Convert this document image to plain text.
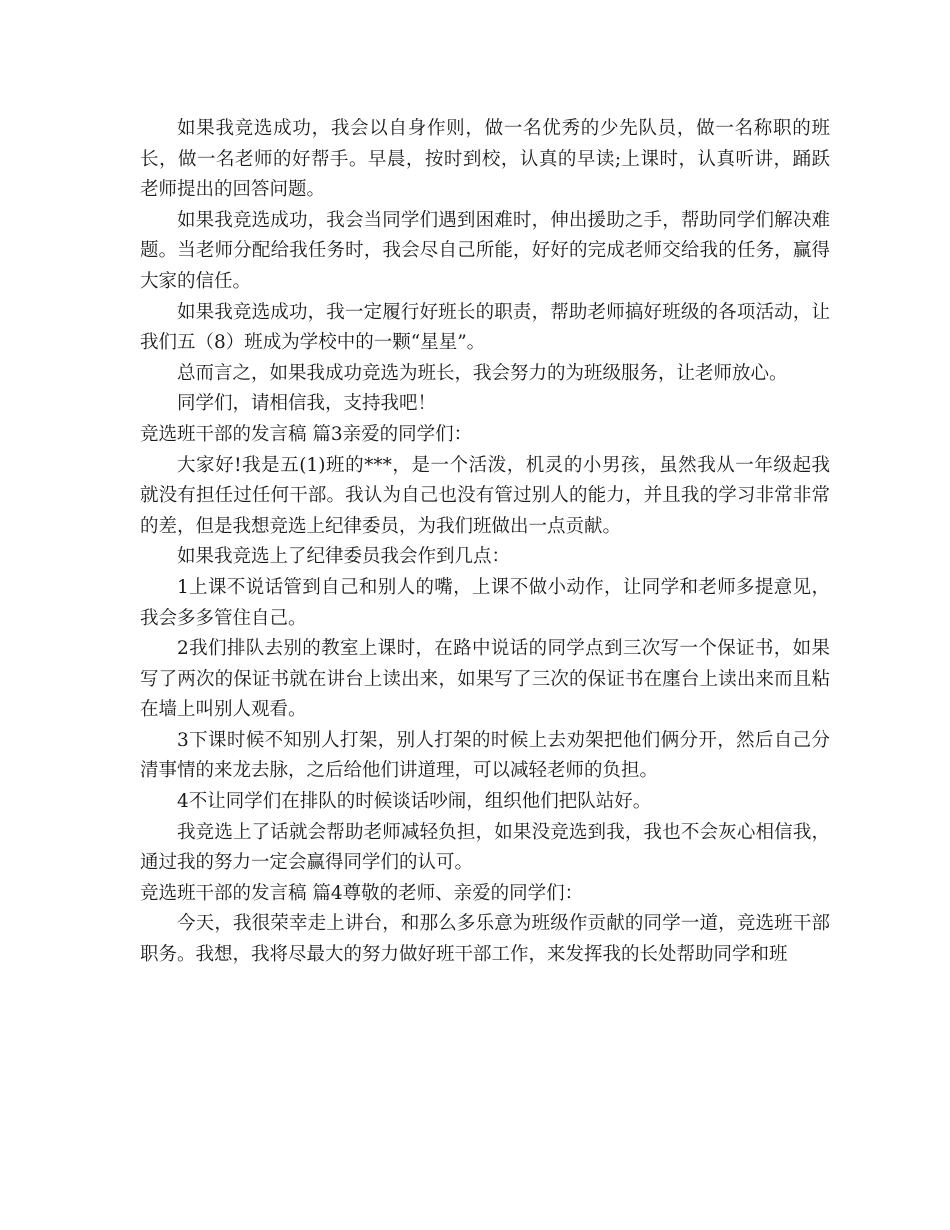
如果我竞选成功，我会以自身作则，做一名优秀的少先队员，做一名称职的班长，做一名老师的好帮手。早晨，按时到校，认真的早读;上课时，认真听讲，踊跃老师提出的回答问题。

如果我竞选成功，我会当同学们遇到困难时，伸出援助之手，帮助同学们解决难题。当老师分配给我任务时，我会尽自己所能，好好的完成老师交给我的任务，赢得大家的信任。

如果我竞选成功，我一定履行好班长的职责，帮助老师搞好班级的各项活动，让我们五（8）班成为学校中的一颗“星星”。

总而言之，如果我成功竞选为班长，我会努力的为班级服务，让老师放心。

同学们，请相信我，支持我吧！

竞选班干部的发言稿 篇3亲爱的同学们：

大家好!我是五(1)班的***，是一个活泼，机灵的小男孩，虽然我从一年级起我就没有担任过任何干部。我认为自己也没有管过别人的能力，并且我的学习非常非常的差，但是我想竞选上纪律委员，为我们班做出一点贡献。

如果我竞选上了纪律委员我会作到几点：

1上课不说话管到自己和别人的嘴，上课不做小动作，让同学和老师多提意见，我会多多管住自己。

2我们排队去别的教室上课时，在路中说话的同学点到三次写一个保证书，如果写了两次的保证书就在讲台上读出来，如果写了三次的保证书在廛台上读出来而且粘在墙上叫别人观看。

3下课时候不知别人打架，别人打架的时候上去劝架把他们俩分开，然后自己分清事情的来龙去脉，之后给他们讲道理，可以减轻老师的负担。

4不让同学们在排队的时候谈话吵闹，组织他们把队站好。

我竞选上了话就会帮助老师减轻负担，如果没竞选到我，我也不会灰心相信我，通过我的努力一定会赢得同学们的认可。

竞选班干部的发言稿 篇4尊敬的老师、亲爱的同学们：

今天，我很荣幸走上讲台，和那么多乐意为班级作贡献的同学一道，竞选班干部职务。我想，我将尽最大的努力做好班干部工作，来发挥我的长处帮助同学和班
